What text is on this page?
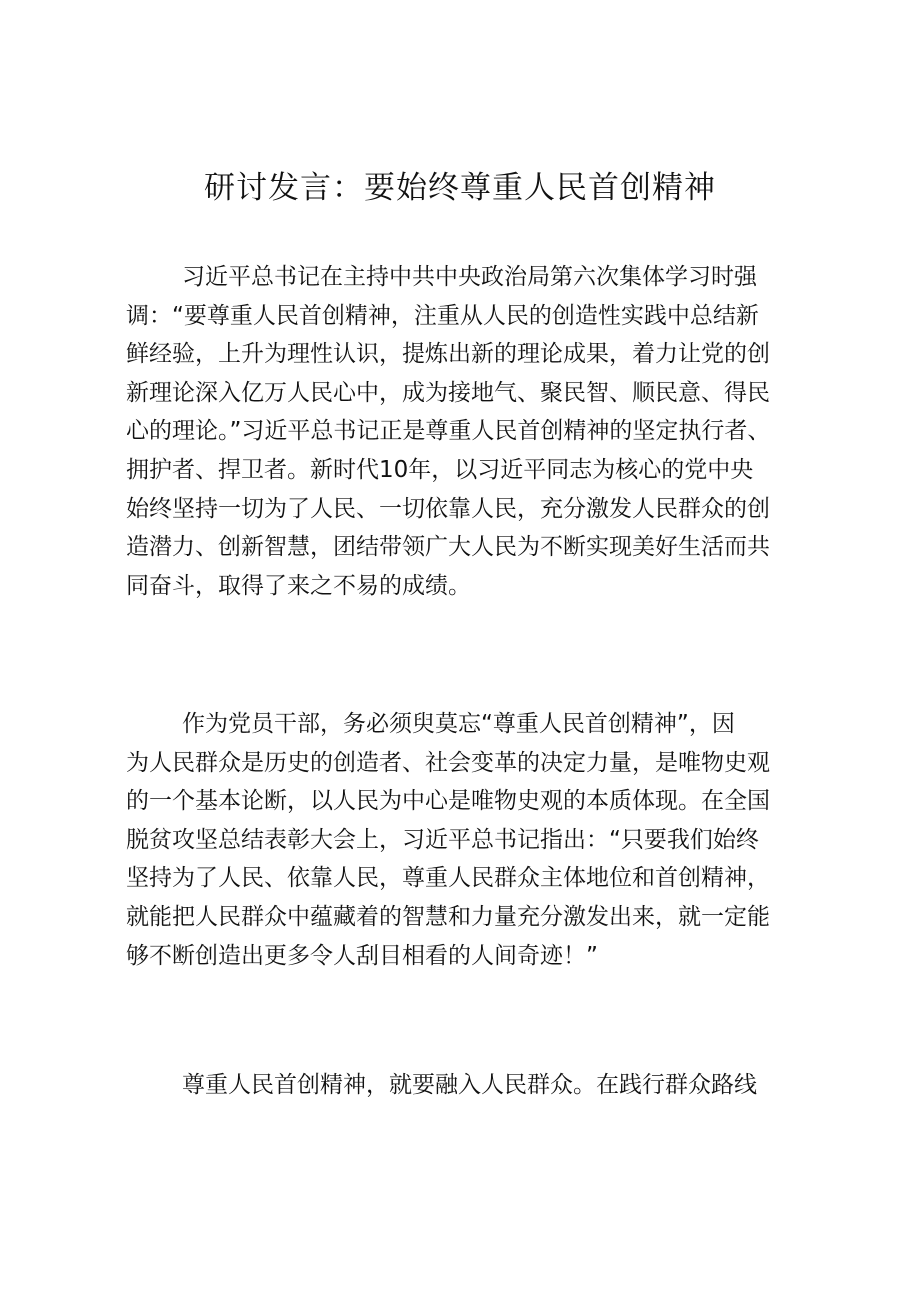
研讨发言：要始终尊重人民首创精神

习近平总书记在主持中共中央政治局第六次集体学习时强
调：“要尊重人民首创精神，注重从人民的创造性实践中总结新
鲜经验，上升为理性认识，提炼出新的理论成果，着力让党的创
新理论深入亿万人民心中，成为接地气、聚民智、顺民意、得民
心的理论。”习近平总书记正是尊重人民首创精神的坚定执行者、
拥护者、捍卫者。新时代10年，以习近平同志为核心的党中央
始终坚持一切为了人民、一切依靠人民，充分激发人民群众的创
造潜力、创新智慧，团结带领广大人民为不断实现美好生活而共
同奋斗，取得了来之不易的成绩。

作为党员干部，务必须臾莫忘“尊重人民首创精神”，因
为人民群众是历史的创造者、社会变革的决定力量，是唯物史观
的一个基本论断，以人民为中心是唯物史观的本质体现。在全国
脱贫攻坚总结表彰大会上，习近平总书记指出：“只要我们始终
坚持为了人民、依靠人民，尊重人民群众主体地位和首创精神，
就能把人民群众中蕴藏着的智慧和力量充分激发出来，就一定能
够不断创造出更多令人刮目相看的人间奇迹！”

尊重人民首创精神，就要融入人民群众。在践行群众路线
